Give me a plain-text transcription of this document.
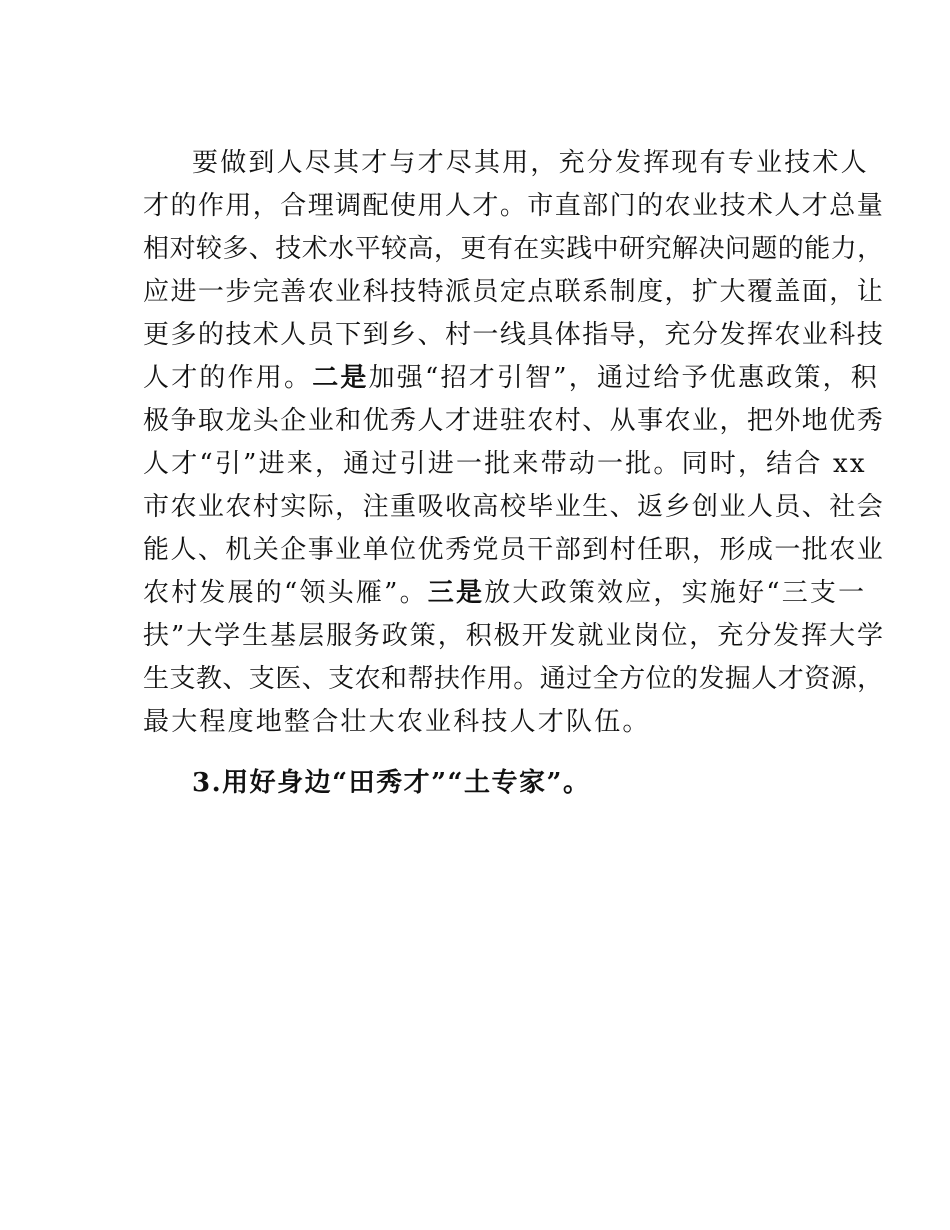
要做到人尽其才与才尽其用，充分发挥现有专业技术人
才的作用，合理调配使用人才。市直部门的农业技术人才总量
相对较多、技术水平较高，更有在实践中研究解决问题的能力，
应进一步完善农业科技特派员定点联系制度，扩大覆盖面，让
更多的技术人员下到乡、村一线具体指导，充分发挥农业科技
人才的作用。二是加强“招才引智”，通过给予优惠政策，积
极争取龙头企业和优秀人才进驻农村、从事农业，把外地优秀
人才“引”进来，通过引进一批来带动一批。同时，结合 xx
市农业农村实际，注重吸收高校毕业生、返乡创业人员、社会
能人、机关企事业单位优秀党员干部到村任职，形成一批农业
农村发展的“领头雁”。三是放大政策效应，实施好“三支一
扶”大学生基层服务政策，积极开发就业岗位，充分发挥大学
生支教、支医、支农和帮扶作用。通过全方位的发掘人才资源，
最大程度地整合壮大农业科技人才队伍。
3.用好身边“田秀才”“土专家”。
